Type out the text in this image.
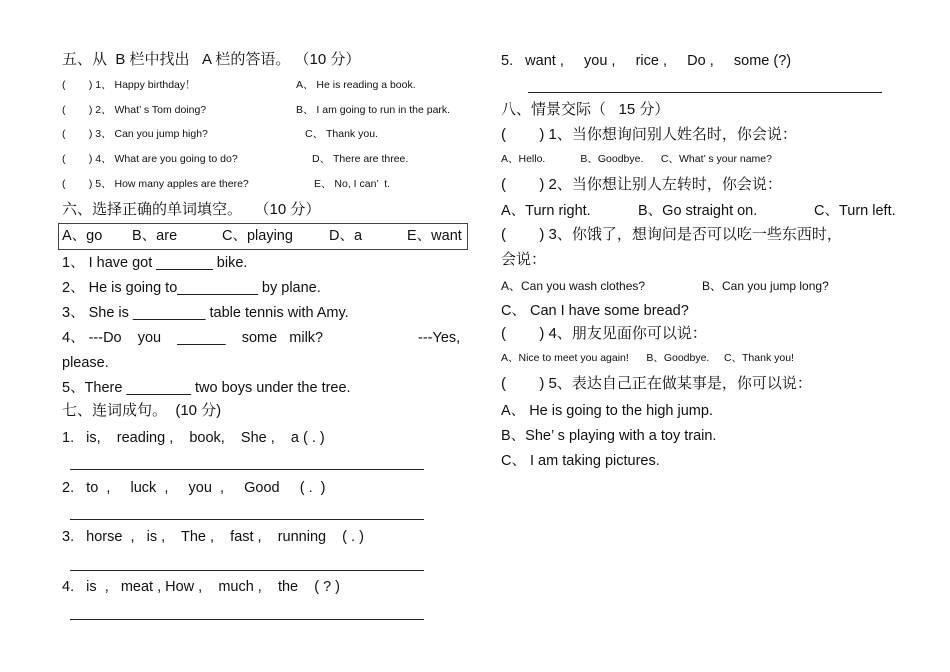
五、从  B 栏中找出   A 栏的答语。 （10 分）
(        ) 1、 Happy birthday！	A、 He is reading a book.
(        ) 2、 What’ s Tom doing?	B、 I am going to run in the park.
(        ) 3、 Can you jump high?	C、 Thank you.
(        ) 4、 What are you going to do?	D、 There are three.
(        ) 5、 How many apples are there?	E、 No, I can’  t.
六、选择正确的单词填空。   （10 分）
A、go B、are	C、playing D、a	E、want
1、 I have got _______ bike.
2、 He is going to__________ by plane.
3、 She is _________ table tennis with Amy.
4、 ---Do    you    ______    some   milk?	---Yes,
please.
5、There ________ two boys under the tree.
七、连词成句。  (10 分)
1.   is,    reading ,    book,    She ,    a ( . )
2.   to  ,     luck  ,     you  ,     Good     ( .  )
3.   horse  ,   is ,    The ,    fast ,    running    ( . )
4.   is  ,   meat , How ,    much ,    the    ( ? )
5.   want ,     you ,     rice ,     Do ,     some (?)
八、情景交际（   15 分）
(        ) 1、当你想询问别人姓名时，你会说：
A、Hello.            B、Goodbye.      C、What’ s your name?
(        ) 2、当你想让别人左转时，你会说：
A、Turn right.	B、Go straight on.	C、Turn left.
(        ) 3、你饿了，想询问是否可以吃一些东西时，
会说：
A、Can you wash clothes?	B、Can you jump long?
C、 Can I have some bread?
(        ) 4、朋友见面你可以说：
A、Nice to meet you again!      B、Goodbye.     C、Thank you!
(        ) 5、表达自己正在做某事是，你可以说：
A、 He is going to the high jump.
B、She’ s playing with a toy train.
C、 I am taking pictures.
